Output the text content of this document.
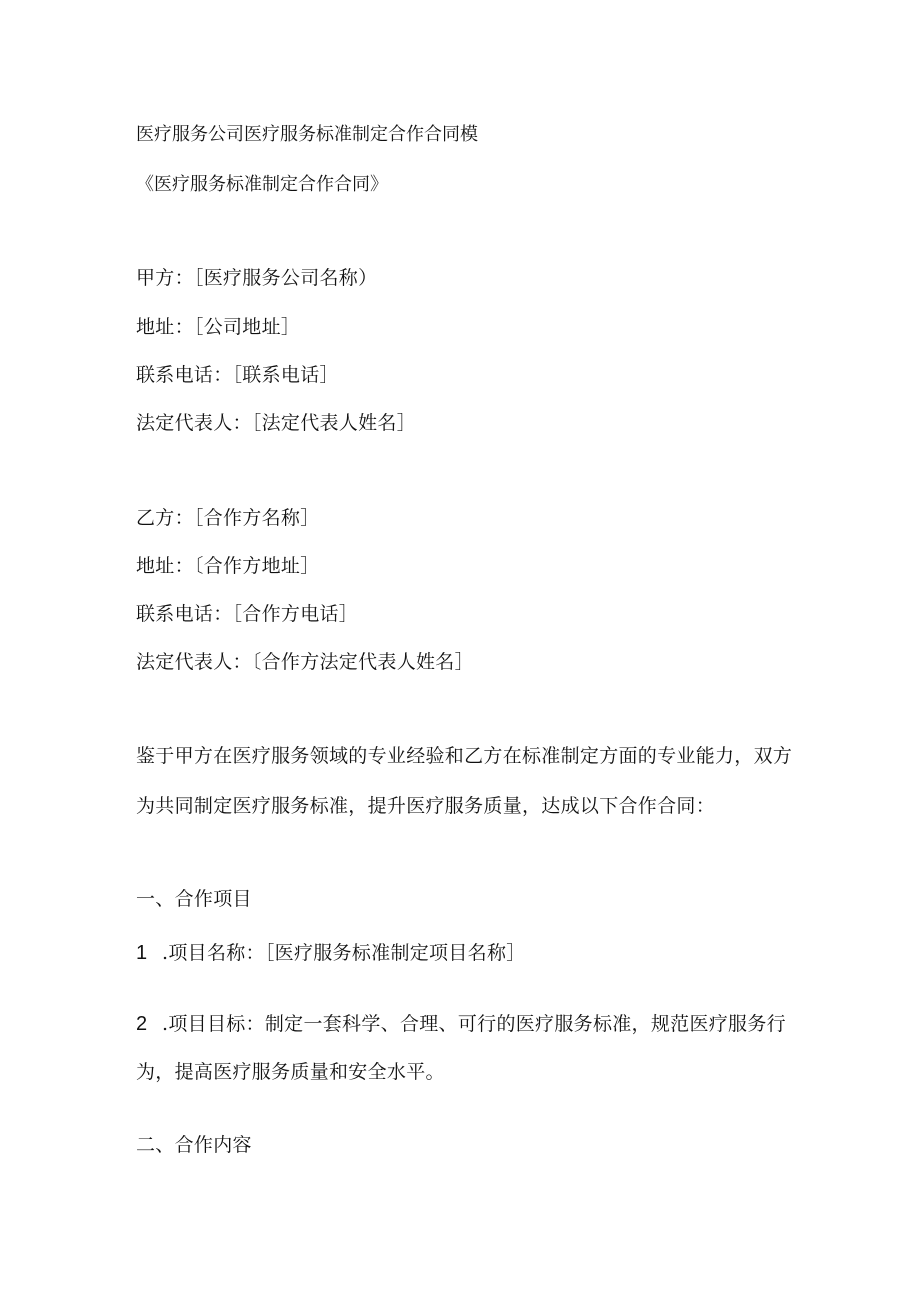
医疗服务公司医疗服务标准制定合作合同模
《医疗服务标准制定合作合同》
甲方：［医疗服务公司名称）
地址：［公司地址］
联系电话：［联系电话］
法定代表人：［法定代表人姓名］
乙方：［合作方名称］
地址：〔合作方地址］
联系电话：［合作方电话］
法定代表人：〔合作方法定代表人姓名］
鉴于甲方在医疗服务领域的专业经验和乙方在标准制定方面的专业能力，双方
为共同制定医疗服务标准，提升医疗服务质量，达成以下合作合同：
一、合作项目
1 .项目名称：［医疗服务标准制定项目名称］
2 .项目目标：制定一套科学、合理、可行的医疗服务标准，规范医疗服务行
为，提高医疗服务质量和安全水平。
二、合作内容
